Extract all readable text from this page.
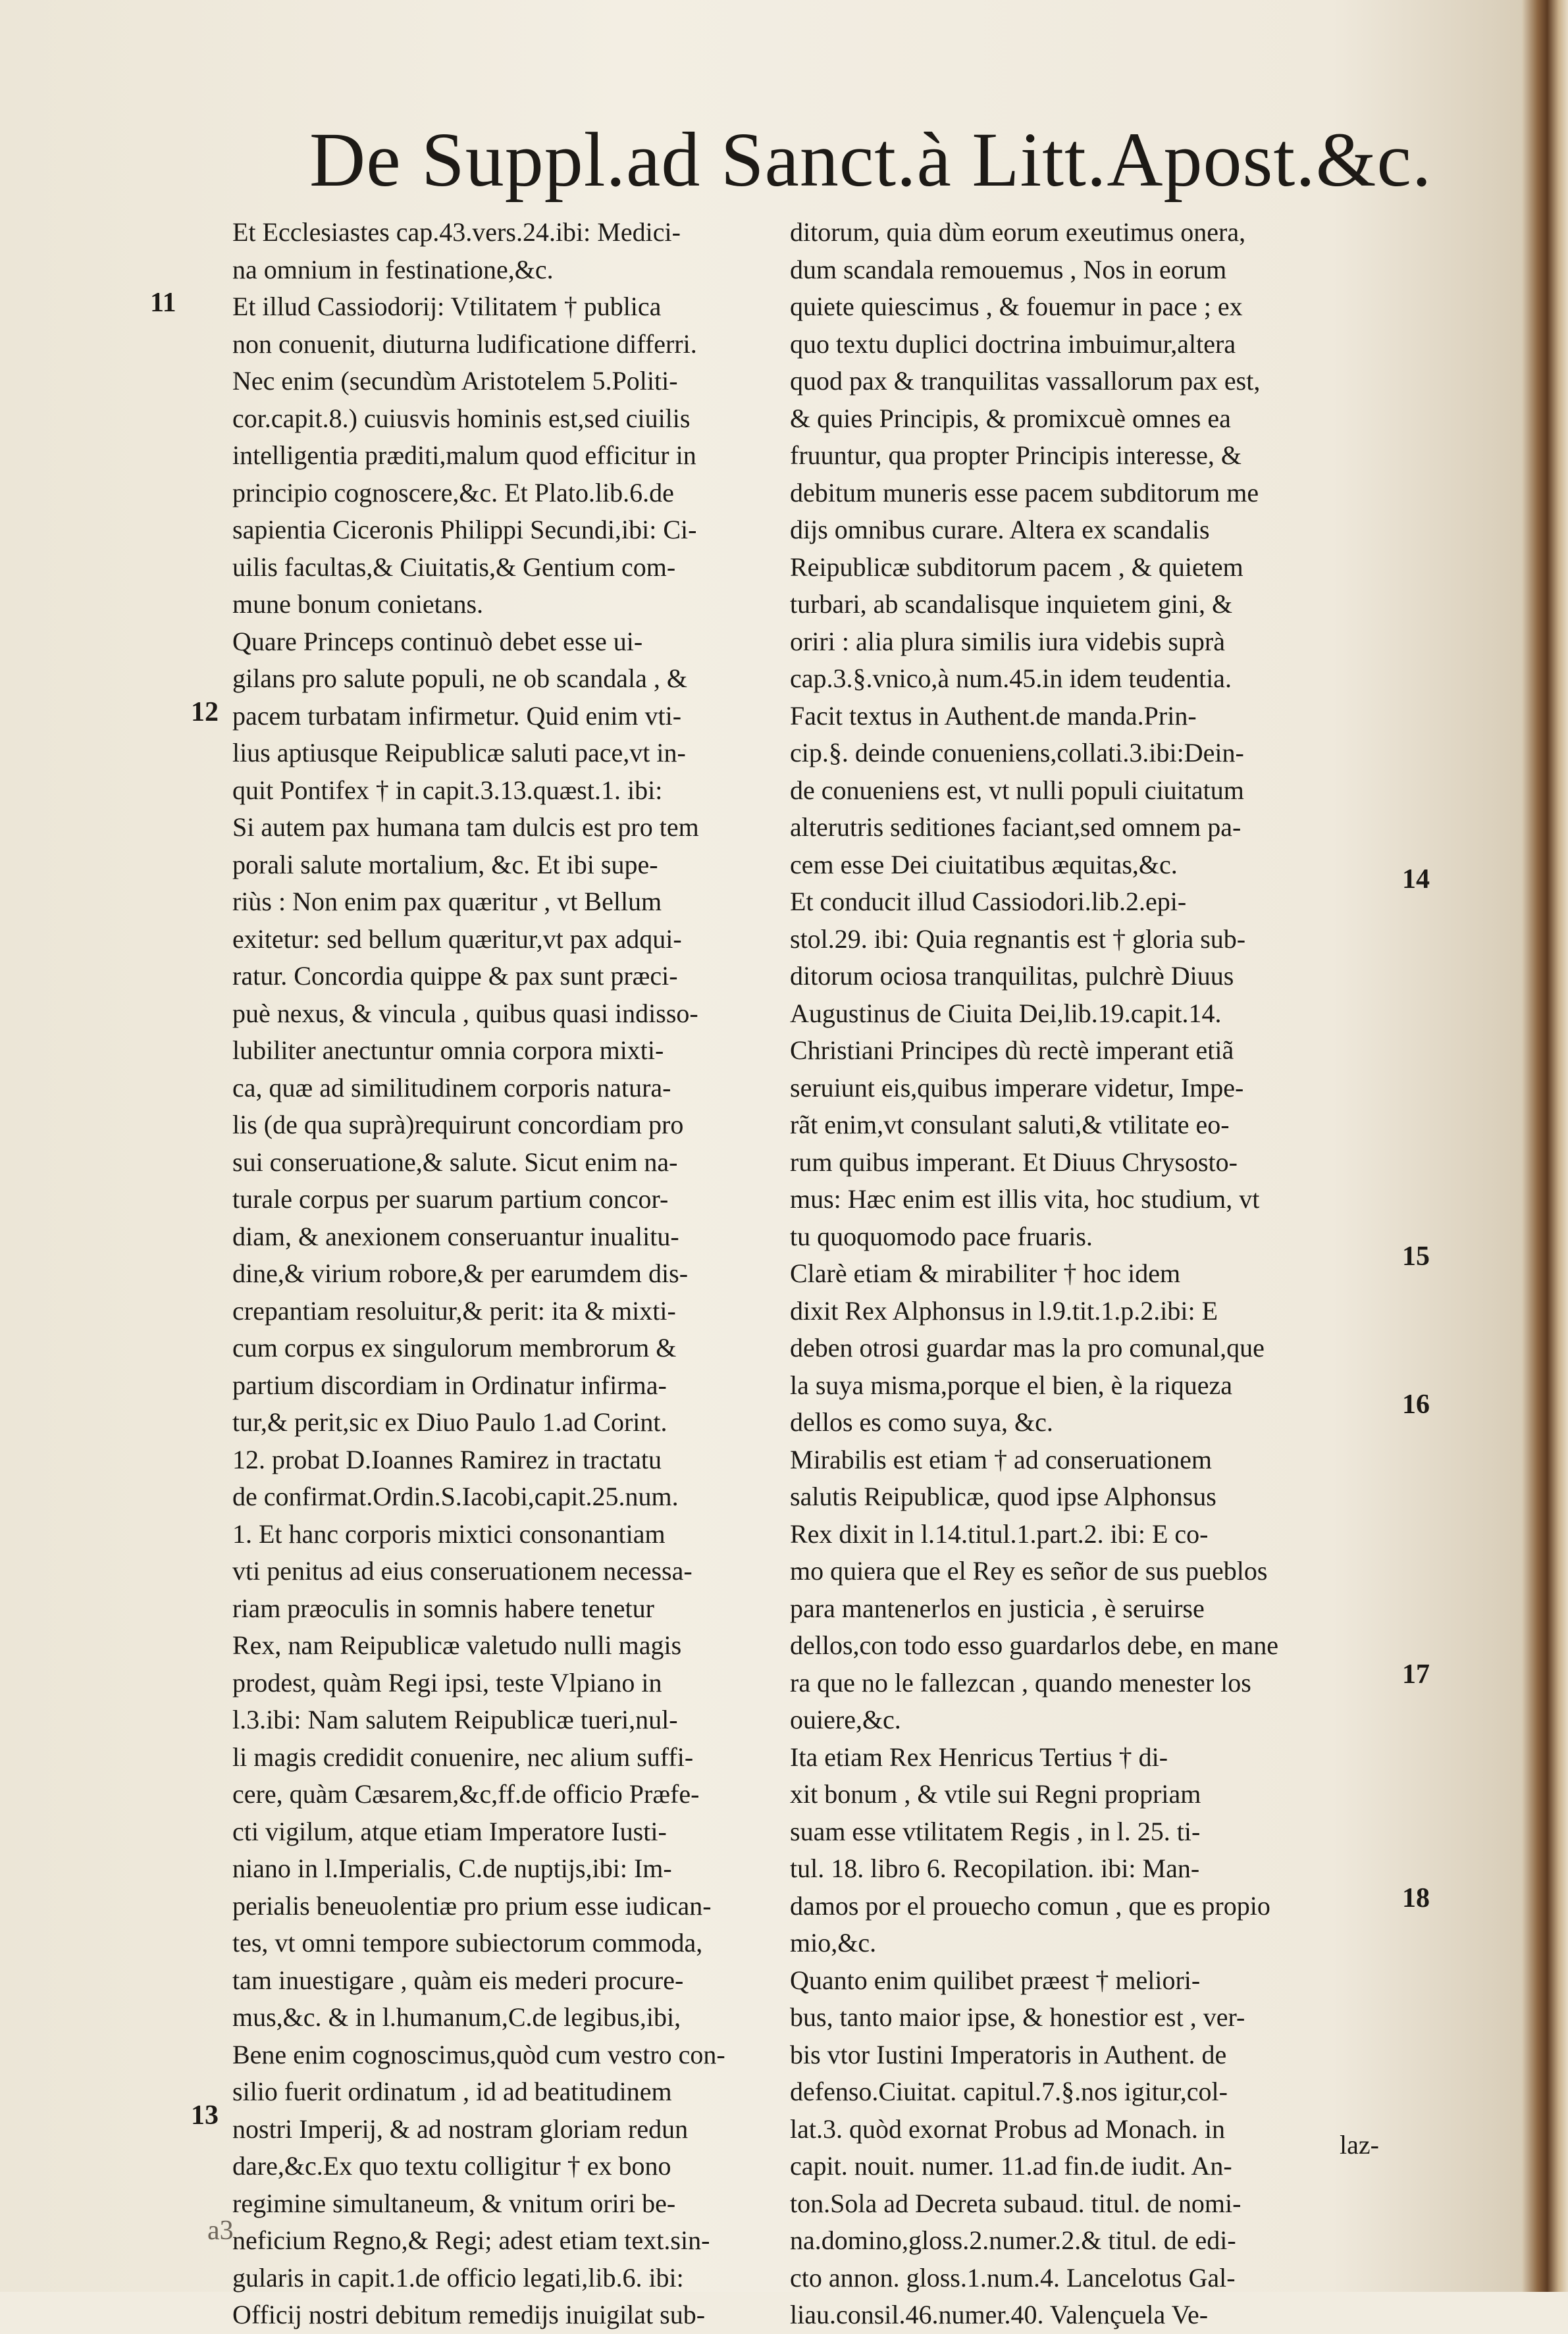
De Suppl.ad Sanct.à Litt.Apost.&c.
Et Ecclesiastes cap.43.vers.24.ibi: Medici-
na omnium in festinatione,&c.
Et illud Cassiodorij: Vtilitatem † publica
non conuenit, diuturna ludificatione differri.
Nec enim (secundùm Aristotelem 5.Politi-
cor.capit.8.) cuiusvis hominis est,sed ciuilis
intelligentia præditi,malum quod efficitur in
principio cognoscere,&c. Et Plato.lib.6.de
sapientia Ciceronis Philippi Secundi,ibi: Ci-
uilis facultas,& Ciuitatis,& Gentium com-
mune bonum conietans.
Quare Princeps continuò debet esse ui-
gilans pro salute populi, ne ob scandala , &
pacem turbatam infirmetur. Quid enim vti-
lius aptiusque Reipublicæ saluti pace,vt in-
quit Pontifex † in capit.3.13.quæst.1. ibi:
Si autem pax humana tam dulcis est pro tem
porali salute mortalium, &c. Et ibi supe-
riùs : Non enim pax quæritur , vt Bellum
exitetur: sed bellum quæritur,vt pax adqui-
ratur. Concordia quippe & pax sunt præci-
puè nexus, & vincula , quibus quasi indisso-
lubiliter anectuntur omnia corpora mixti-
ca, quæ ad similitudinem corporis natura-
lis (de qua suprà)requirunt concordiam pro
sui conseruatione,& salute. Sicut enim na-
turale corpus per suarum partium concor-
diam, & anexionem conseruantur inualitu-
dine,& virium robore,& per earumdem dis-
crepantiam resoluitur,& perit: ita & mixti-
cum corpus ex singulorum membrorum &
partium discordiam in Ordinatur infirma-
tur,& perit,sic ex Diuo Paulo 1.ad Corint.
12. probat D.Ioannes Ramirez in tractatu
de confirmat.Ordin.S.Iacobi,capit.25.num.
1. Et hanc corporis mixtici consonantiam
vti penitus ad eius conseruationem necessa-
riam præoculis in somnis habere tenetur
Rex, nam Reipublicæ valetudo nulli magis
prodest, quàm Regi ipsi, teste Vlpiano in
l.3.ibi: Nam salutem Reipublicæ tueri,nul-
li magis credidit conuenire, nec alium suffi-
cere, quàm Cæsarem,&c,ff.de officio Præfe-
cti vigilum, atque etiam Imperatore Iusti-
niano in l.Imperialis, C.de nuptijs,ibi: Im-
perialis beneuolentiæ pro prium esse iudican-
tes, vt omni tempore subiectorum commoda,
tam inuestigare , quàm eis mederi procure-
mus,&c. & in l.humanum,C.de legibus,ibi,
Bene enim cognoscimus,quòd cum vestro con-
silio fuerit ordinatum , id ad beatitudinem
nostri Imperij, & ad nostram gloriam redun
dare,&c.Ex quo textu colligitur † ex bono
regimine simultaneum, & vnitum oriri be-
neficium Regno,& Regi; adest etiam text.sin-
gularis in capit.1.de officio legati,lib.6. ibi:
Officij nostri debitum remedijs inuigilat sub-
ditorum, quia dùm eorum exeutimus onera,
dum scandala remouemus , Nos in eorum
quiete quiescimus , & fouemur in pace ; ex
quo textu duplici doctrina imbuimur,altera
quod pax & tranquilitas vassallorum pax est,
& quies Principis, & promixcuè omnes ea
fruuntur, qua propter Principis interesse, &
debitum muneris esse pacem subditorum me
dijs omnibus curare. Altera ex scandalis
Reipublicæ subditorum pacem , & quietem
turbari, ab scandalisque inquietem gini, &
oriri : alia plura similis iura videbis suprà
cap.3.§.vnico,à num.45.in idem teudentia.
Facit textus in Authent.de manda.Prin-
cip.§. deinde conueniens,collati.3.ibi:Dein-
de conueniens est, vt nulli populi ciuitatum
alterutris seditiones faciant,sed omnem pa-
cem esse Dei ciuitatibus æquitas,&c.
Et conducit illud Cassiodori.lib.2.epi-
stol.29. ibi: Quia regnantis est † gloria sub-
ditorum ociosa tranquilitas, pulchrè Diuus
Augustinus de Ciuita Dei,lib.19.capit.14.
Christiani Principes dù rectè imperant etiã
seruiunt eis,quibus imperare videtur, Impe-
rãt enim,vt consulant saluti,& vtilitate eo-
rum quibus imperant. Et Diuus Chrysosto-
mus: Hæc enim est illis vita, hoc studium, vt
tu quoquomodo pace fruaris.
Clarè etiam & mirabiliter † hoc idem
dixit Rex Alphonsus in l.9.tit.1.p.2.ibi: E
deben otrosi guardar mas la pro comunal,que
la suya misma,porque el bien, è la riqueza
dellos es como suya, &c.
Mirabilis est etiam † ad conseruationem
salutis Reipublicæ, quod ipse Alphonsus
Rex dixit in l.14.titul.1.part.2. ibi: E co-
mo quiera que el Rey es señor de sus pueblos
para mantenerlos en justicia , è seruirse
dellos,con todo esso guardarlos debe, en mane
ra que no le fallezcan , quando menester los
ouiere,&c.
Ita etiam Rex Henricus Tertius † di-
xit bonum , & vtile sui Regni propriam
suam esse vtilitatem Regis , in l. 25. ti-
tul. 18. libro 6. Recopilation. ibi: Man-
damos por el prouecho comun , que es propio
mio,&c.
Quanto enim quilibet præest † meliori-
bus, tanto maior ipse, & honestior est , ver-
bis vtor Iustini Imperatoris in Authent. de
defenso.Ciuitat. capitul.7.§.nos igitur,col-
lat.3. quòd exornat Probus ad Monach. in
capit. nouit. numer. 11.ad fin.de iudit. An-
ton.Sola ad Decreta subaud. titul. de nomi-
na.domino,gloss.2.numer.2.& titul. de edi-
cto annon. gloss.1.num.4. Lancelotus Gal-
liau.consil.46.numer.40. Valençuela Ve-
11
12
13
14
15
16
17
18
laz-
a3
